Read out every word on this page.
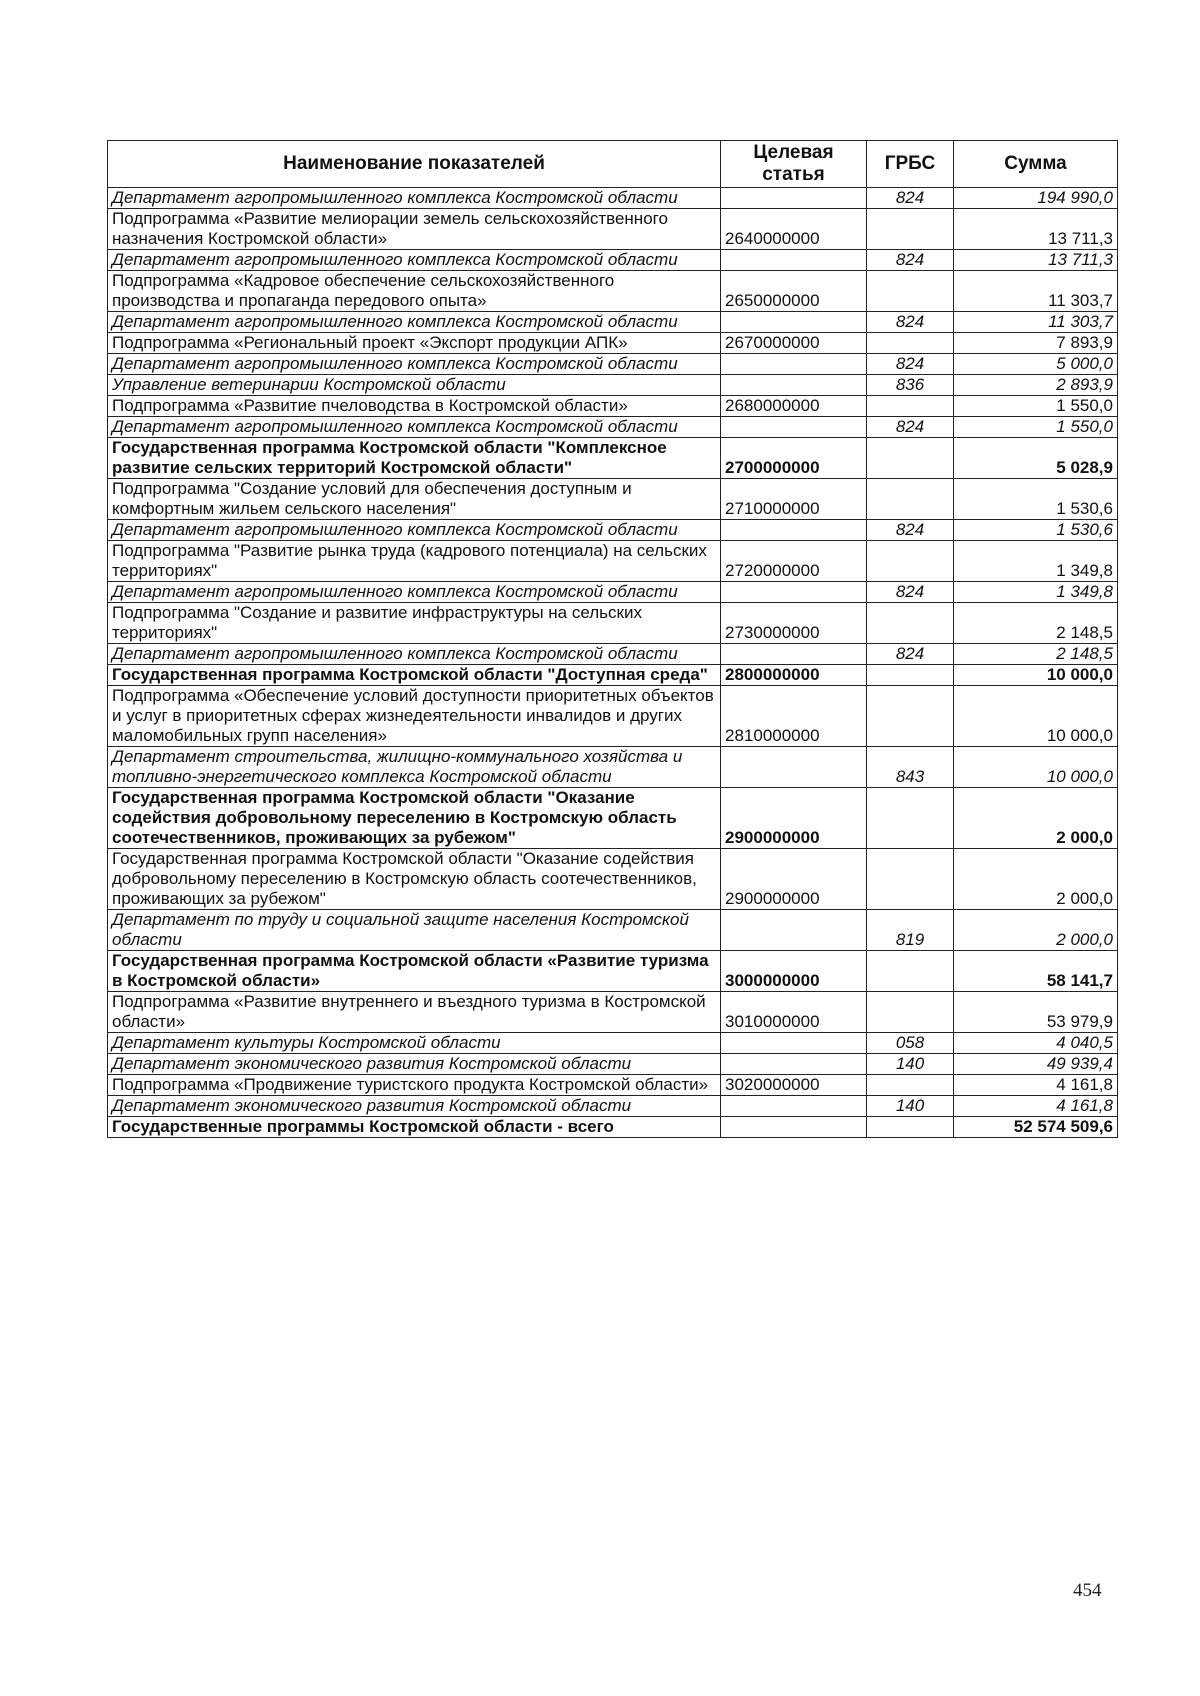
Наименование показателей	Целевая статья	ГРБС	Сумма
Департамент агропромышленного комплекса Костромской области		824	194 990,0
Подпрограмма «Развитие мелиорации земель сельскохозяйственного назначения Костромской области»	2640000000		13 711,3
Департамент агропромышленного комплекса Костромской области		824	13 711,3
Подпрограмма «Кадровое обеспечение сельскохозяйственного производства и пропаганда передового опыта»	2650000000		11 303,7
Департамент агропромышленного комплекса Костромской области		824	11 303,7
Подпрограмма «Региональный проект «Экспорт продукции АПК»	2670000000		7 893,9
Департамент агропромышленного комплекса Костромской области		824	5 000,0
Управление ветеринарии Костромской области		836	2 893,9
Подпрограмма «Развитие пчеловодства в Костромской области»	2680000000		1 550,0
Департамент агропромышленного комплекса Костромской области		824	1 550,0
Государственная программа Костромской области "Комплексное развитие сельских территорий Костромской области"	2700000000		5 028,9
Подпрограмма "Создание условий для обеспечения доступным и комфортным жильем сельского населения"	2710000000		1 530,6
Департамент агропромышленного комплекса Костромской области		824	1 530,6
Подпрограмма "Развитие рынка труда (кадрового потенциала) на сельских территориях"	2720000000		1 349,8
Департамент агропромышленного комплекса Костромской области		824	1 349,8
Подпрограмма "Создание и развитие инфраструктуры на сельских территориях"	2730000000		2 148,5
Департамент агропромышленного комплекса Костромской области		824	2 148,5
Государственная программа Костромской области "Доступная среда"	2800000000		10 000,0
Подпрограмма «Обеспечение условий доступности приоритетных объектов и услуг в приоритетных сферах жизнедеятельности инвалидов и других маломобильных групп населения»	2810000000		10 000,0
Департамент строительства, жилищно-коммунального хозяйства и топливно-энергетического комплекса Костромской области		843	10 000,0
Государственная программа Костромской области "Оказание содействия добровольному переселению в Костромскую область соотечественников, проживающих за рубежом"	2900000000		2 000,0
Государственная программа Костромской области "Оказание содействия добровольному переселению в Костромскую область соотечественников, проживающих за рубежом"	2900000000		2 000,0
Департамент по труду и социальной защите населения Костромской области		819	2 000,0
Государственная программа Костромской области «Развитие туризма в Костромской области»	3000000000		58 141,7
Подпрограмма «Развитие внутреннего и въездного туризма в Костромской области»	3010000000		53 979,9
Департамент культуры Костромской области		058	4 040,5
Департамент экономического развития Костромской области		140	49 939,4
Подпрограмма «Продвижение туристского продукта Костромской области»	3020000000		4 161,8
Департамент экономического развития Костромской области		140	4 161,8
Государственные программы Костромской области - всего			52 574 509,6
454
